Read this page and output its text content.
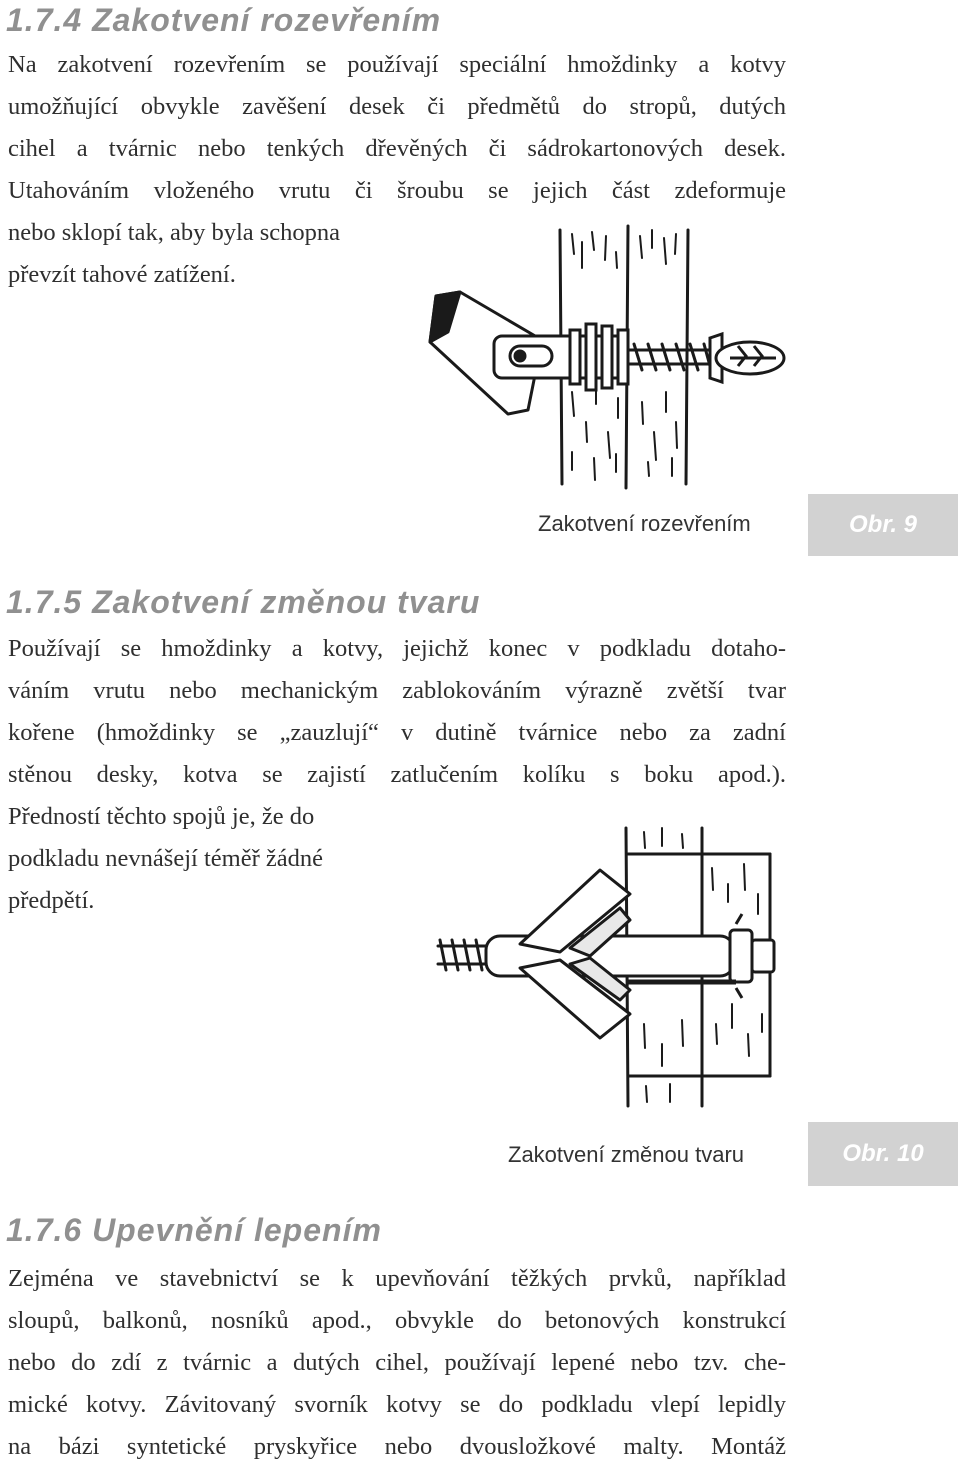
1.7.4 Zakotvení rozevřením
Na zakotvení rozevřením se používají speciální hmoždinky a kotvy
umožňující obvykle zavěšení desek či předmětů do stropů, dutých
cihel a tvárnic nebo tenkých dřevěných či sádrokartonových desek.
Utahováním vloženého vrutu či šroubu se jejich část zdeformuje
nebo sklopí tak, aby byla schopna
převzít tahové zatížení.
Zakotvení rozevřením	Obr. 9
1.7.5 Zakotvení změnou tvaru
Používají se hmoždinky a kotvy, jejichž konec v podkladu dotaho-
váním vrutu nebo mechanickým zablokováním výrazně zvětší tvar
kořene (hmoždinky se „zauzlují“ v dutině tvárnice nebo za zadní
stěnou desky, kotva se zajistí zatlučením kolíku s boku apod.).
Předností těchto spojů je, že do
podkladu nevnášejí téměř žádné
předpětí.
Zakotvení změnou tvaru	Obr. 10
1.7.6 Upevnění lepením
Zejména ve stavebnictví se k upevňování těžkých prvků, například
sloupů, balkonů, nosníků apod., obvykle do betonových konstrukcí
nebo do zdí z tvárnic a dutých cihel, používají lepené nebo tzv. che-
mické kotvy. Závitovaný svorník kotvy se do podkladu vlepí lepidly
na bázi syntetické pryskyřice nebo dvousložkové malty. Montáž
